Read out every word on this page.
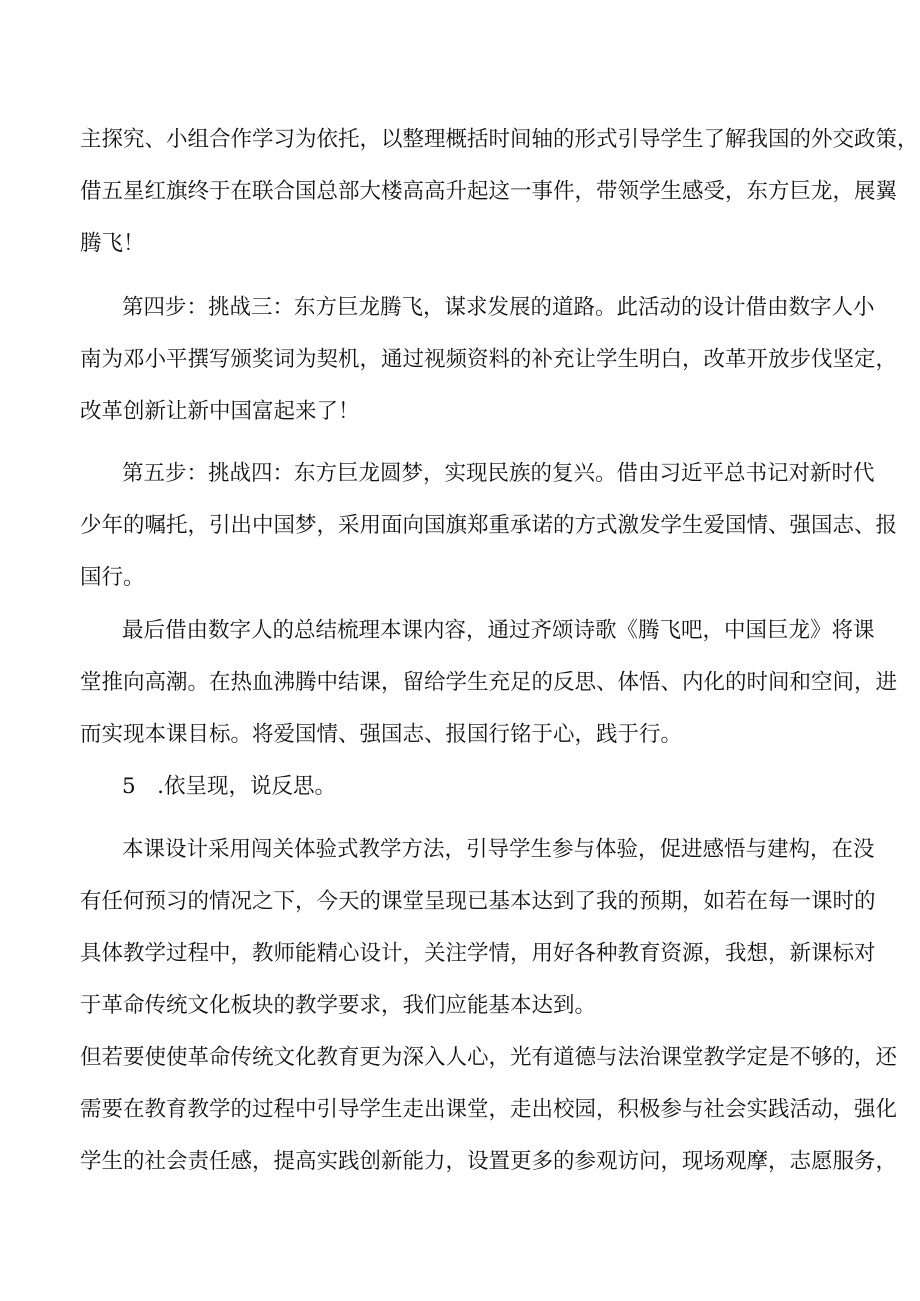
主探究、小组合作学习为依托，以整理概括时间轴的形式引导学生了解我国的外交政策，
借五星红旗终于在联合国总部大楼高高升起这一事件，带领学生感受，东方巨龙，展翼
腾飞！
第四步：挑战三：东方巨龙腾飞，谋求发展的道路。此活动的设计借由数字人小
南为邓小平撰写颁奖词为契机，通过视频资料的补充让学生明白，改革开放步伐坚定，
改革创新让新中国富起来了！
第五步：挑战四：东方巨龙圆梦，实现民族的复兴。借由习近平总书记对新时代
少年的嘱托，引出中国梦，采用面向国旗郑重承诺的方式激发学生爱国情、强国志、报
国行。
最后借由数字人的总结梳理本课内容，通过齐颂诗歌《腾飞吧，中国巨龙》将课
堂推向高潮。在热血沸腾中结课，留给学生充足的反思、体悟、内化的时间和空间，进
而实现本课目标。将爱国情、强国志、报国行铭于心，践于行。
5　.依呈现，说反思。
本课设计采用闯关体验式教学方法，引导学生参与体验，促进感悟与建构，在没
有任何预习的情况之下，今天的课堂呈现已基本达到了我的预期，如若在每一课时的
具体教学过程中，教师能精心设计，关注学情，用好各种教育资源，我想，新课标对
于革命传统文化板块的教学要求，我们应能基本达到。
但若要使使革命传统文化教育更为深入人心，光有道德与法治课堂教学定是不够的，还
需要在教育教学的过程中引导学生走出课堂，走出校园，积极参与社会实践活动，强化
学生的社会责任感，提高实践创新能力，设置更多的参观访问，现场观摩，志愿服务，
